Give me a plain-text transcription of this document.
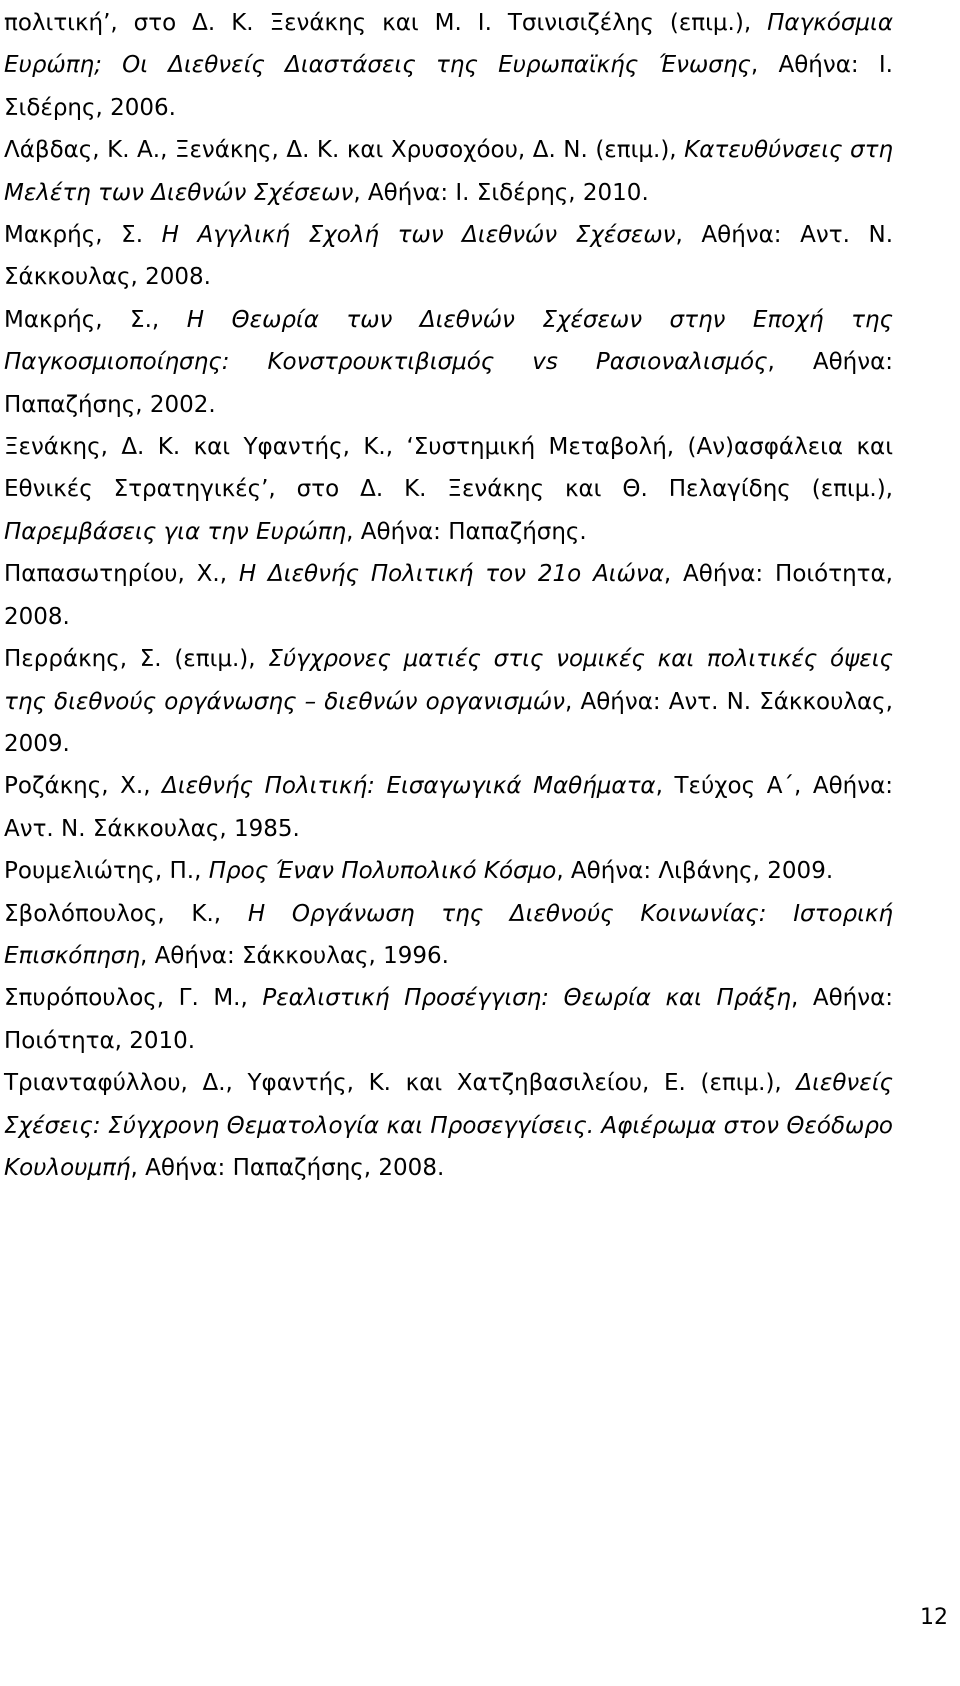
πολιτική’, στο Δ. Κ. Ξενάκης και Μ. Ι. Τσινισιζέλης (επιμ.), Παγκόσμια Ευρώπη; Οι Διεθνείς Διαστάσεις της Ευρωπαϊκής Ένωσης, Αθήνα: Ι. Σιδέρης, 2006.

Λάβδας, Κ. Α., Ξενάκης, Δ. Κ. και Χρυσοχόου, Δ. Ν. (επιμ.), Κατευθύνσεις στη Μελέτη των Διεθνών Σχέσεων, Αθήνα: Ι. Σιδέρης, 2010.

Μακρής, Σ. Η Αγγλική Σχολή των Διεθνών Σχέσεων, Αθήνα: Αντ. Ν. Σάκκουλας, 2008.

Μακρής, Σ., Η Θεωρία των Διεθνών Σχέσεων στην Εποχή της Παγκοσμιοποίησης: Κονστρουκτιβισμός vs Ρασιοναλισμός, Αθήνα: Παπαζήσης, 2002.

Ξενάκης, Δ. Κ. και Υφαντής, Κ., ‘Συστημική Μεταβολή, (Αν)ασφάλεια και Εθνικές Στρατηγικές’, στο Δ. Κ. Ξενάκης και Θ. Πελαγίδης (επιμ.), Παρεμβάσεις για την Ευρώπη, Αθήνα: Παπαζήσης.

Παπασωτηρίου, Χ., Η Διεθνής Πολιτική τον 21ο Αιώνα, Αθήνα: Ποιότητα, 2008.

Περράκης, Σ. (επιμ.), Σύγχρονες ματιές στις νομικές και πολιτικές όψεις της διεθνούς οργάνωσης – διεθνών οργανισμών, Αθήνα: Αντ. Ν. Σάκκουλας, 2009.

Ροζάκης, Χ., Διεθνής Πολιτική: Εισαγωγικά Μαθήματα, Τεύχος Α΄, Αθήνα: Αντ. Ν. Σάκκουλας, 1985.

Ρουμελιώτης, Π., Προς Έναν Πολυπολικό Κόσμο, Αθήνα: Λιβάνης, 2009.

Σβολόπουλος, Κ., Η Οργάνωση της Διεθνούς Κοινωνίας: Ιστορική Επισκόπηση, Αθήνα: Σάκκουλας, 1996.

Σπυρόπουλος, Γ. Μ., Ρεαλιστική Προσέγγιση: Θεωρία και Πράξη, Αθήνα: Ποιότητα, 2010.

Τριανταφύλλου, Δ., Υφαντής, Κ. και Χατζηβασιλείου, Ε. (επιμ.), Διεθνείς Σχέσεις: Σύγχρονη Θεματολογία και Προσεγγίσεις. Αφιέρωμα στον Θεόδωρο Κουλουμπή, Αθήνα: Παπαζήσης, 2008.

12
